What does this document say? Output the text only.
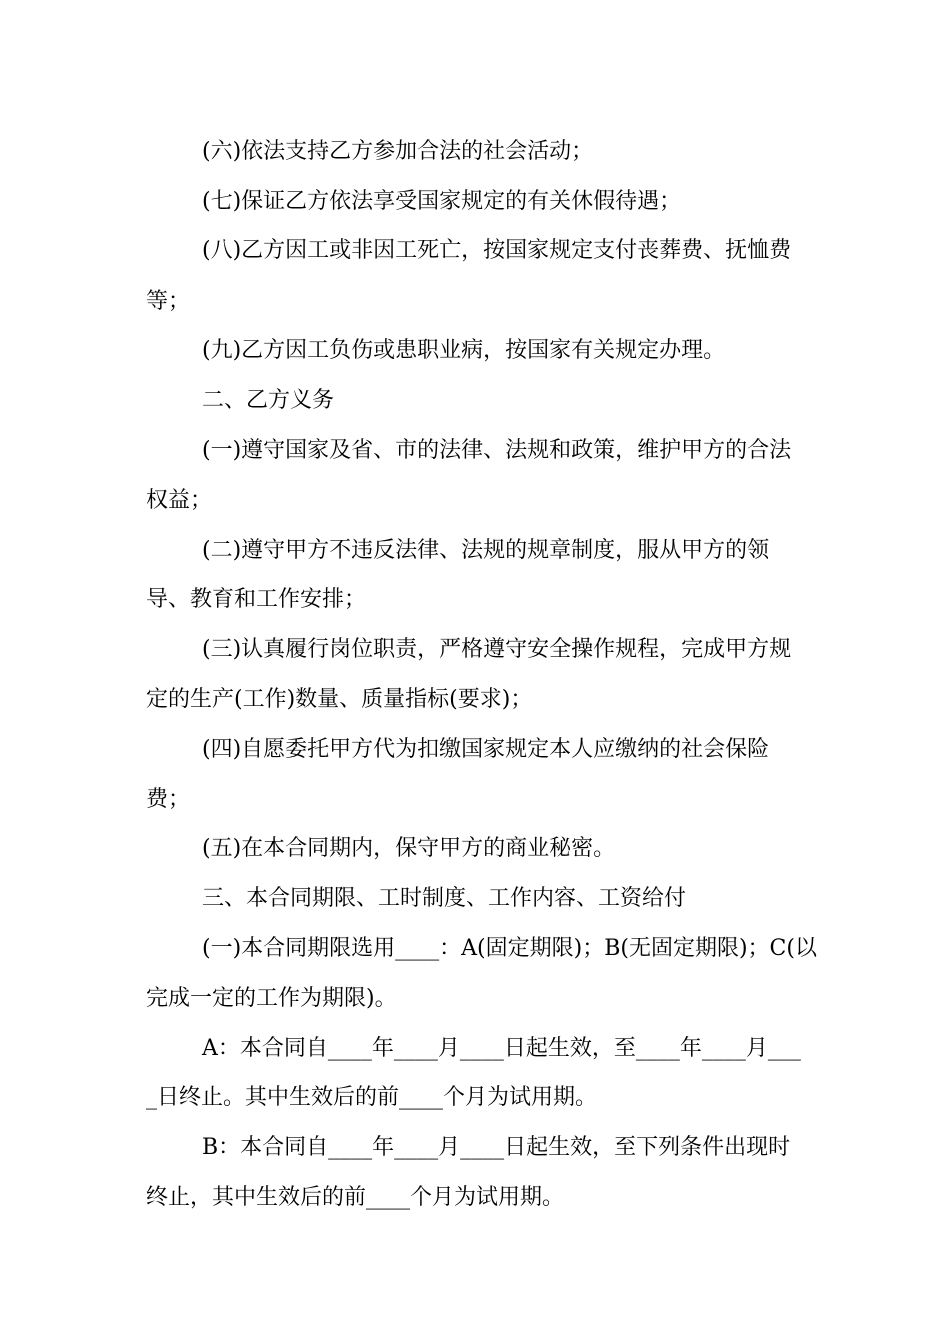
(六)依法支持乙方参加合法的社会活动；
(七)保证乙方依法享受国家规定的有关休假待遇；
(八)乙方因工或非因工死亡，按国家规定支付丧葬费、抚恤费
等；
(九)乙方因工负伤或患职业病，按国家有关规定办理。
二、乙方义务
(一)遵守国家及省、市的法律、法规和政策，维护甲方的合法
权益；
(二)遵守甲方不违反法律、法规的规章制度，服从甲方的领
导、教育和工作安排；
(三)认真履行岗位职责，严格遵守安全操作规程，完成甲方规
定的生产(工作)数量、质量指标(要求)；
(四)自愿委托甲方代为扣缴国家规定本人应缴纳的社会保险
费；
(五)在本合同期内，保守甲方的商业秘密。
三、本合同期限、工时制度、工作内容、工资给付
(一)本合同期限选用____：A(固定期限)；B(无固定期限)；C(以
完成一定的工作为期限)。
A：本合同自____年____月____日起生效，至____年____月___
_日终止。其中生效后的前____个月为试用期。
B：本合同自____年____月____日起生效，至下列条件出现时
终止，其中生效后的前____个月为试用期。
